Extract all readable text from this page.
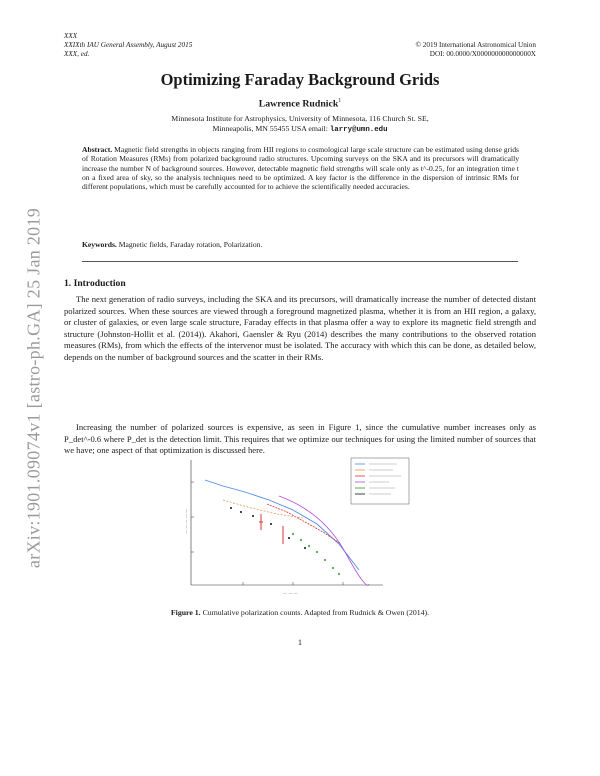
arXiv:1901.09074v1 [astro-ph.GA] 25 Jan 2019
XXX
XXIXth IAU General Assembly, August 2015
XXX, ed.
© 2019 International Astronomical Union
DOI: 00.0000/X000000000000000X
Optimizing Faraday Background Grids
Lawrence Rudnick$^1$
Minnesota Institute for Astrophysics, University of Minnesota, 116 Church St. SE,
Minneapolis, MN 55455 USA email: larry@umn.edu
Abstract. Magnetic field strengths in objects ranging from HII regions to cosmological large scale structure can be estimated using dense grids of Rotation Measures (RMs) from polarized background radio structures. Upcoming surveys on the SKA and its precursors will dramatically increase the number N of background sources. However, detectable magnetic field strengths will scale only as t^-0.25, for an integration time t on a fixed area of sky, so the analysis techniques need to be optimized. A key factor is the difference in the dispersion of intrinsic RMs for different populations, which must be carefully accounted for to achieve the scientifically needed accuracies.
Keywords. Magnetic fields, Faraday rotation, Polarization.
1. Introduction
The next generation of radio surveys, including the SKA and its precursors, will dramatically increase the number of detected distant polarized sources. When these sources are viewed through a foreground magnetized plasma, whether it is from an HII region, a galaxy, or cluster of galaxies, or even large scale structure, Faraday effects in that plasma offer a way to explore its magnetic field strength and structure (Johnston-Hollit et al. (2014)). Akahori, Gaensler & Ryu (2014) describes the many contributions to the observed rotation measures (RMs), from which the effects of the intervenor must be isolated. The accuracy with which this can be done, as detailed below, depends on the number of background sources and the scatter in their RMs.
Increasing the number of polarized sources is expensive, as seen in Figure 1, since the cumulative number increases only as P_det^-0.6 where P_det is the detection limit. This requires that we optimize our techniques for using the limited number of sources that we have; one aspect of that optimization is discussed here.
— — — — —
— — —
Figure 1. Cumulative polarization counts. Adapted from Rudnick & Owen (2014).
1
